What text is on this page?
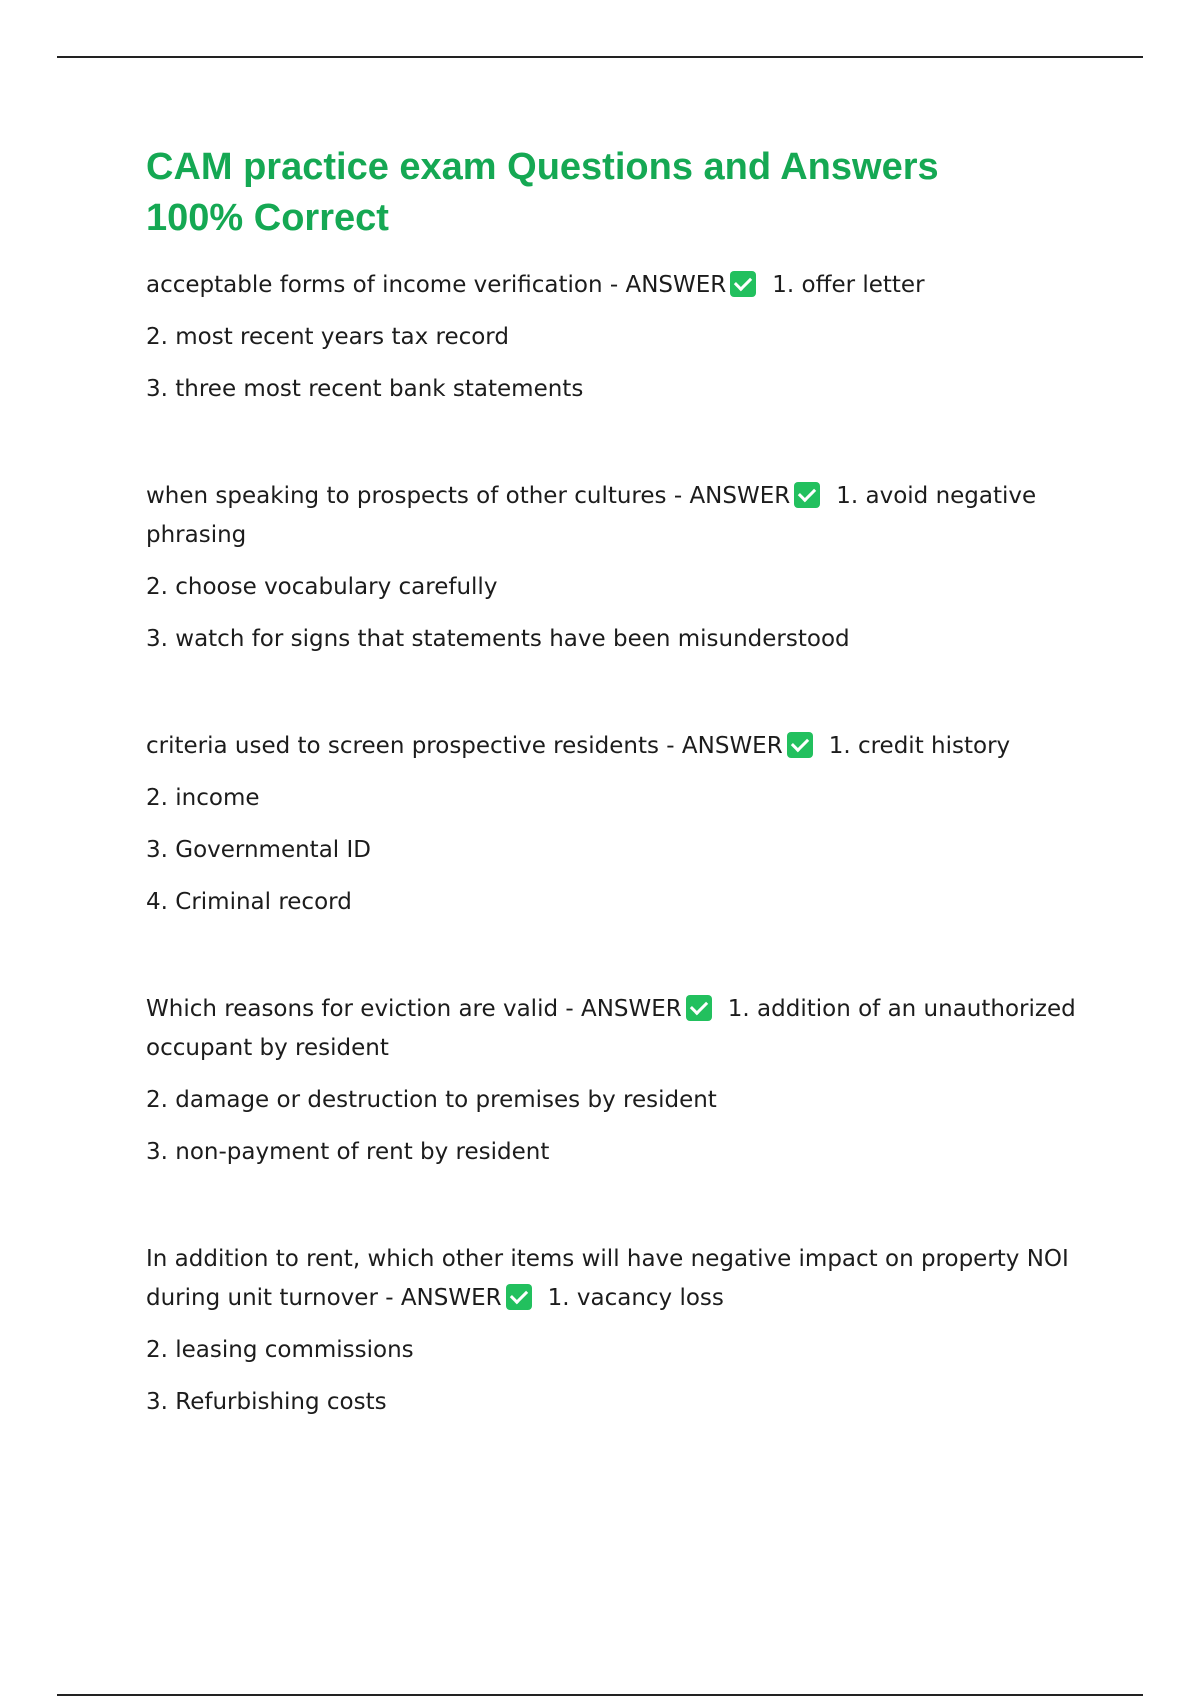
CAM practice exam Questions and Answers
100% Correct
acceptable forms of income verification - ANSWER 1. offer letter
2. most recent years tax record
3. three most recent bank statements
when speaking to prospects of other cultures - ANSWER 1. avoid negative phrasing
2. choose vocabulary carefully
3. watch for signs that statements have been misunderstood
criteria used to screen prospective residents - ANSWER 1. credit history
2. income
3. Governmental ID
4. Criminal record
Which reasons for eviction are valid - ANSWER 1. addition of an unauthorized occupant by resident
2. damage or destruction to premises by resident
3. non-payment of rent by resident
In addition to rent, which other items will have negative impact on property NOI during unit turnover - ANSWER 1. vacancy loss
2. leasing commissions
3. Refurbishing costs
